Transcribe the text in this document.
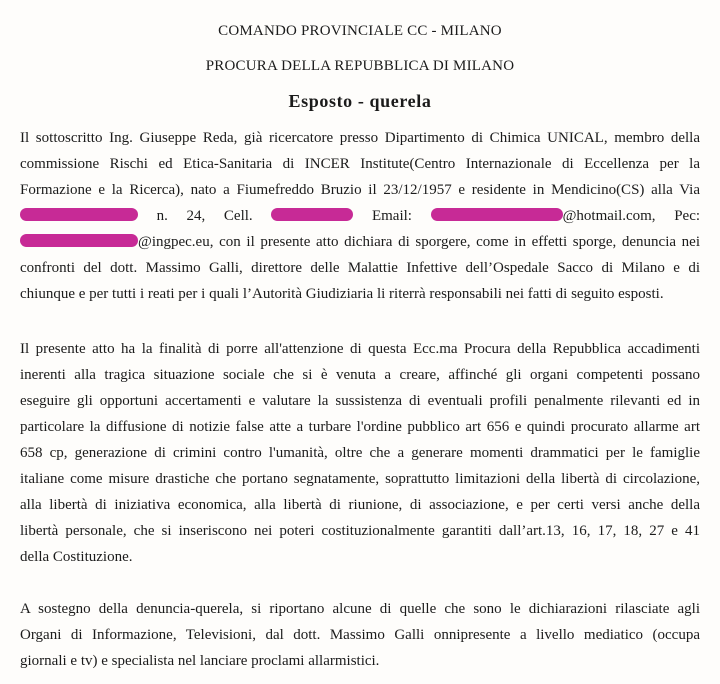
COMANDO PROVINCIALE CC - MILANO
PROCURA DELLA REPUBBLICA DI MILANO
Esposto - querela
Il sottoscritto Ing. Giuseppe Reda, già ricercatore presso Dipartimento di Chimica UNICAL, membro della
commissione Rischi ed Etica-Sanitaria di INCER Institute(Centro Internazionale di Eccellenza per la
Formazione e la Ricerca), nato a Fiumefreddo Bruzio il 23/12/1957 e residente in Mendicino(CS) alla Via
n. 24, Cell.	Email:	@hotmail.com, Pec:
@ingpec.eu, con il presente atto dichiara di sporgere, come in effetti sporge, denuncia nei
confronti del dott. Massimo Galli, direttore delle Malattie Infettive dell’Ospedale Sacco di Milano e di
chiunque e per tutti i reati per i quali l’Autorità Giudiziaria li riterrà responsabili nei fatti di seguito esposti.
Il presente atto ha la finalità di porre all'attenzione di questa Ecc.ma Procura della Repubblica accadimenti
inerenti alla tragica situazione sociale che si è venuta a creare, affinché gli organi competenti possano
eseguire gli opportuni accertamenti e valutare la sussistenza di eventuali profili penalmente rilevanti ed in
particolare la diffusione di notizie false atte a turbare l'ordine pubblico art 656 e quindi procurato allarme art
658 cp, generazione di crimini contro l'umanità, oltre che a generare momenti drammatici per le famiglie
italiane come misure drastiche che portano segnatamente, soprattutto limitazioni della libertà di circolazione,
alla libertà di iniziativa economica, alla libertà di riunione, di associazione, e per certi versi anche della
libertà personale, che si inseriscono nei poteri costituzionalmente garantiti dall’art.13, 16, 17, 18, 27 e 41
della Costituzione.
A sostegno della denuncia-querela, si riportano alcune di quelle che sono le dichiarazioni rilasciate agli
Organi di Informazione, Televisioni, dal dott. Massimo Galli onnipresente a livello mediatico (occupa
giornali e tv) e specialista nel lanciare proclami allarmistici.
